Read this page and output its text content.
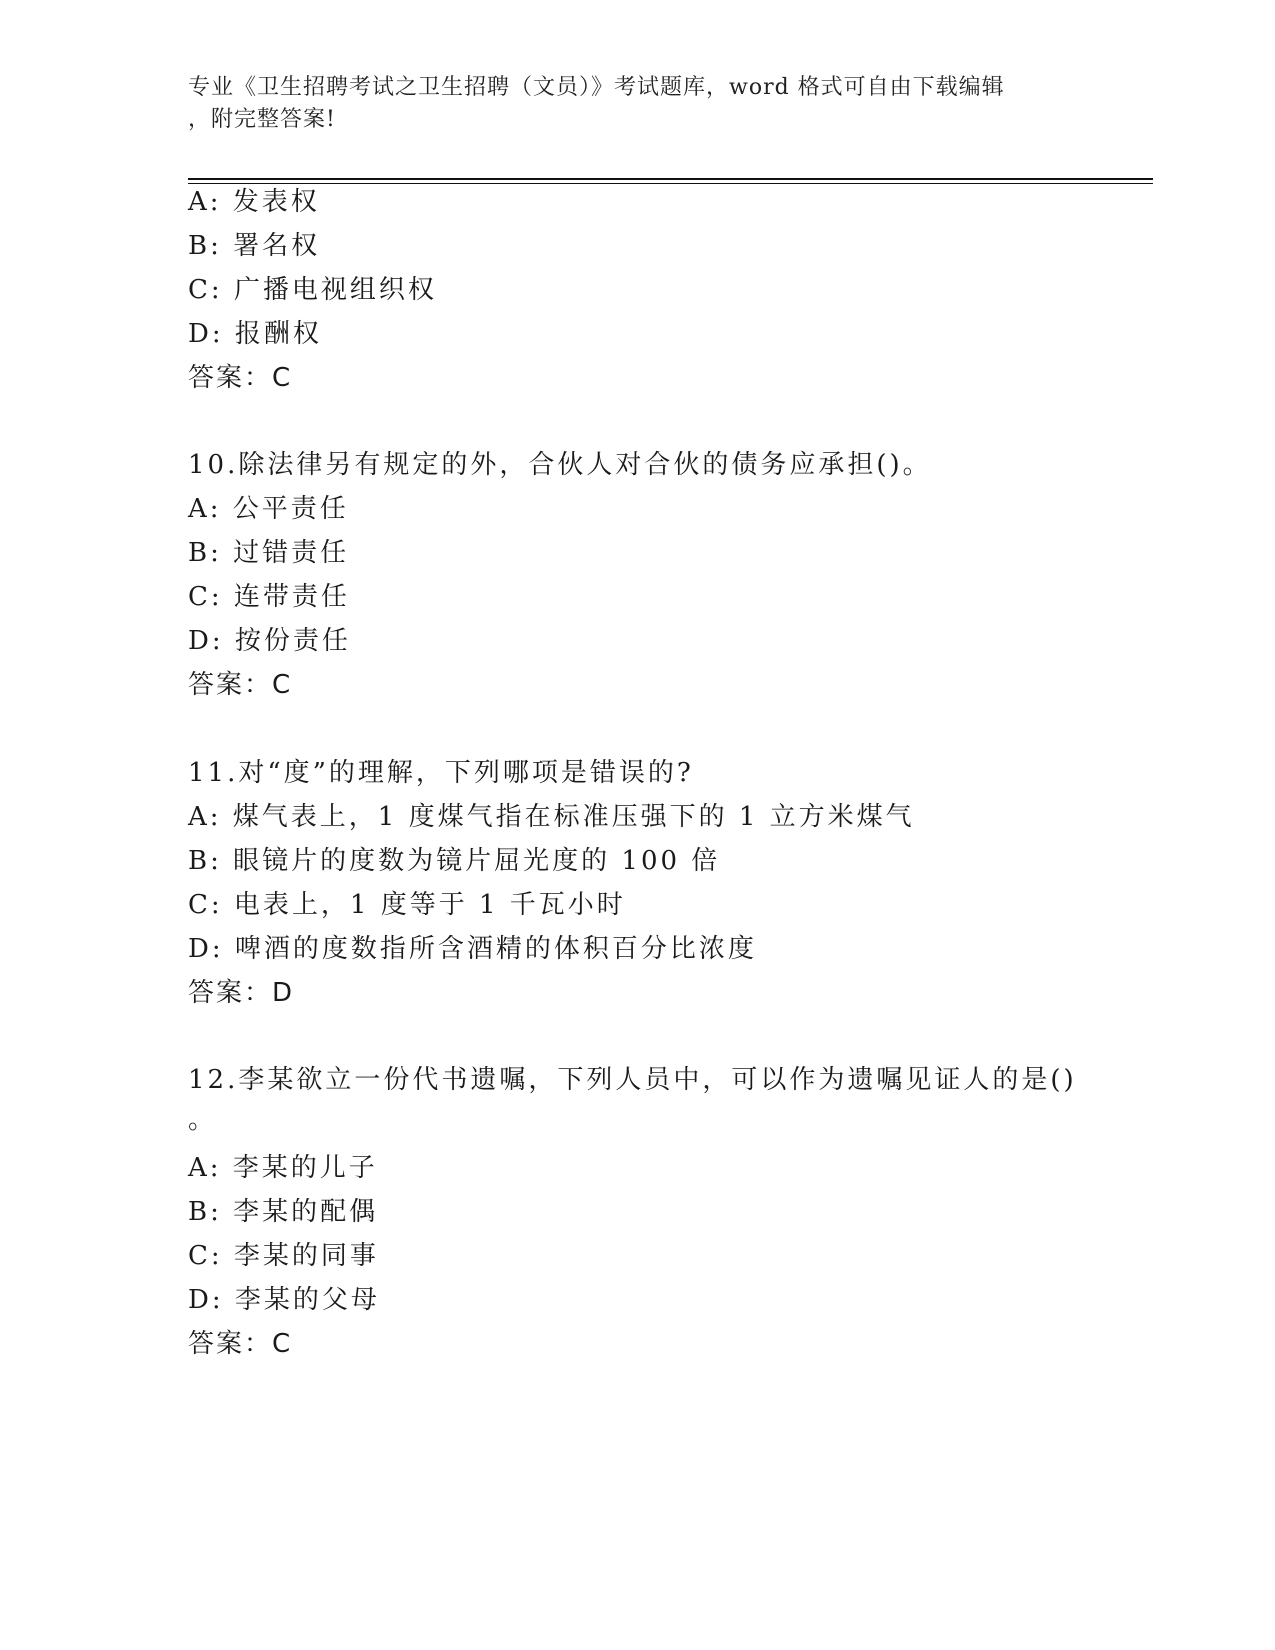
专业《卫生招聘考试之卫生招聘（文员）》考试题库，word 格式可自由下载编辑
，附完整答案!
A: 发表权
B: 署名权
C: 广播电视组织权
D: 报酬权
答案：C
10.除法律另有规定的外，合伙人对合伙的债务应承担()。
A: 公平责任
B: 过错责任
C: 连带责任
D: 按份责任
答案：C
11.对“度”的理解，下列哪项是错误的?
A: 煤气表上，1 度煤气指在标准压强下的 1 立方米煤气
B: 眼镜片的度数为镜片屈光度的 100 倍
C: 电表上，1 度等于 1 千瓦小时
D: 啤酒的度数指所含酒精的体积百分比浓度
答案：D
12.李某欲立一份代书遗嘱，下列人员中，可以作为遗嘱见证人的是()
。
A: 李某的儿子
B: 李某的配偶
C: 李某的同事
D: 李某的父母
答案：C
